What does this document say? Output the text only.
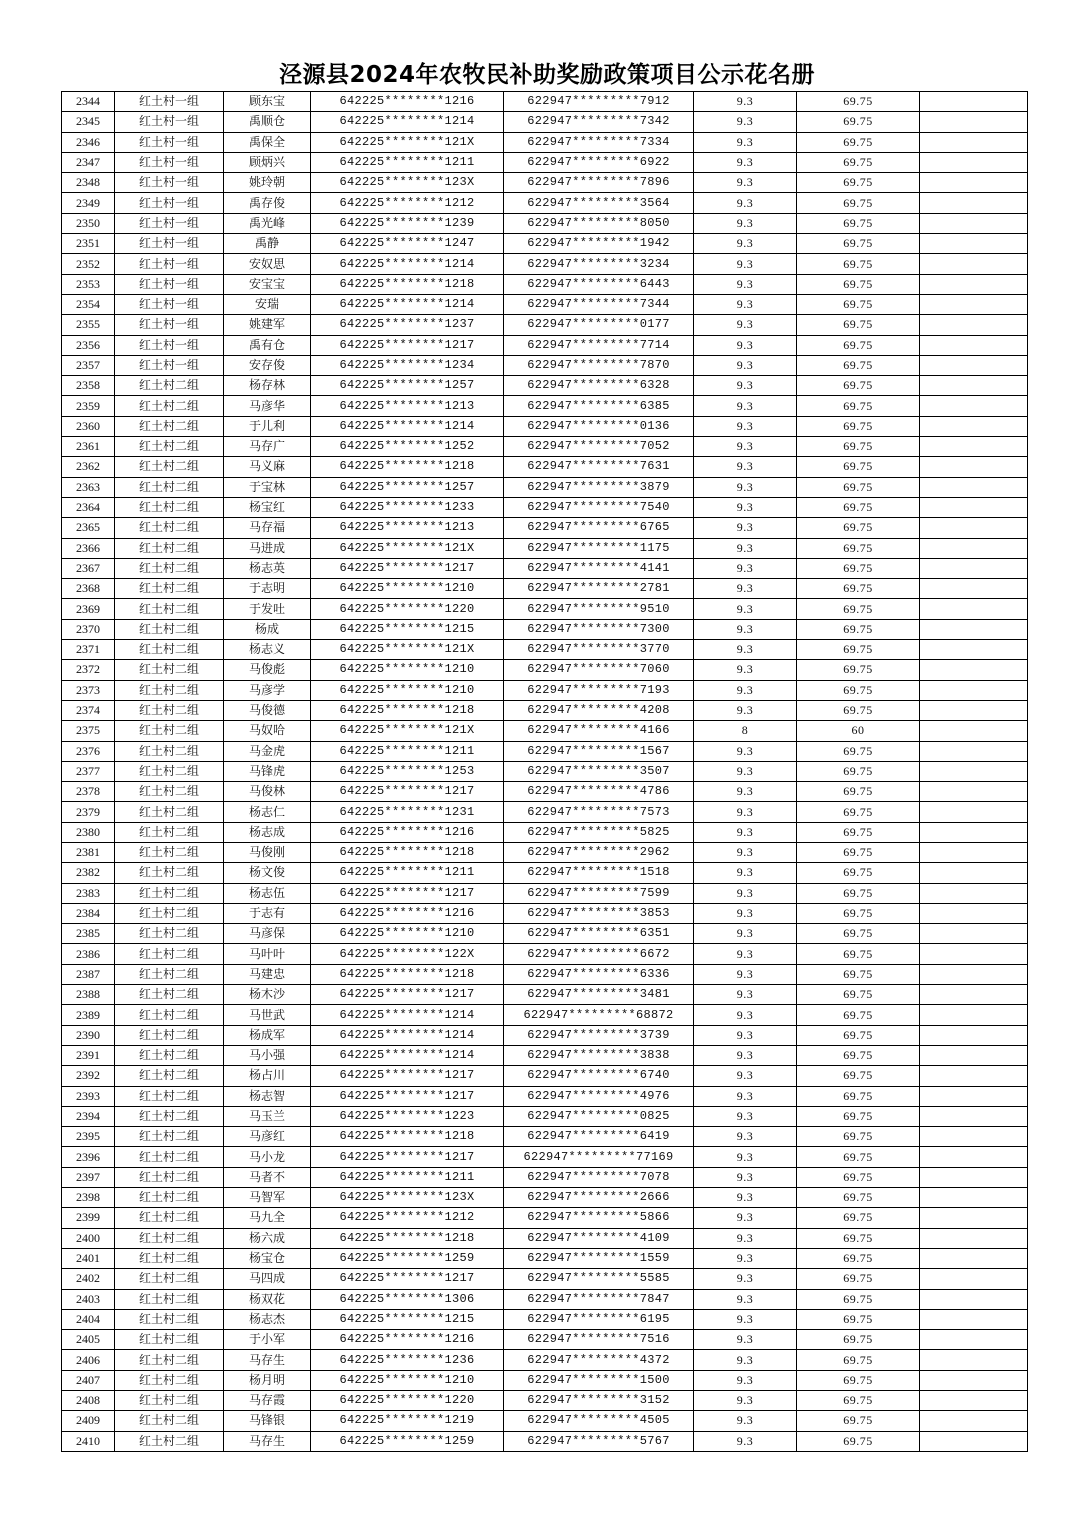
泾源县2024年农牧民补助奖励政策项目公示花名册
2344	红土村一组	顾东宝	642225********1216	622947*********7912	9.3	69.75	
2345	红土村一组	禹顺仓	642225********1214	622947*********7342	9.3	69.75	
2346	红土村一组	禹保全	642225********121X	622947*********7334	9.3	69.75	
2347	红土村一组	顾炳兴	642225********1211	622947*********6922	9.3	69.75	
2348	红土村一组	姚玲朝	642225********123X	622947*********7896	9.3	69.75	
2349	红土村一组	禹存俊	642225********1212	622947*********3564	9.3	69.75	
2350	红土村一组	禹光峰	642225********1239	622947*********8050	9.3	69.75	
2351	红土村一组	禹静	642225********1247	622947*********1942	9.3	69.75	
2352	红土村一组	安奴思	642225********1214	622947*********3234	9.3	69.75	
2353	红土村一组	安宝宝	642225********1218	622947*********6443	9.3	69.75	
2354	红土村一组	安瑞	642225********1214	622947*********7344	9.3	69.75	
2355	红土村一组	姚建军	642225********1237	622947*********0177	9.3	69.75	
2356	红土村一组	禹有仓	642225********1217	622947*********7714	9.3	69.75	
2357	红土村一组	安存俊	642225********1234	622947*********7870	9.3	69.75	
2358	红土村二组	杨存林	642225********1257	622947*********6328	9.3	69.75	
2359	红土村二组	马彦华	642225********1213	622947*********6385	9.3	69.75	
2360	红土村二组	于儿利	642225********1214	622947*********0136	9.3	69.75	
2361	红土村二组	马存广	642225********1252	622947*********7052	9.3	69.75	
2362	红土村二组	马义麻	642225********1218	622947*********7631	9.3	69.75	
2363	红土村二组	于宝林	642225********1257	622947*********3879	9.3	69.75	
2364	红土村二组	杨宝红	642225********1233	622947*********7540	9.3	69.75	
2365	红土村二组	马存福	642225********1213	622947*********6765	9.3	69.75	
2366	红土村二组	马进成	642225********121X	622947*********1175	9.3	69.75	
2367	红土村二组	杨志英	642225********1217	622947*********4141	9.3	69.75	
2368	红土村二组	于志明	642225********1210	622947*********2781	9.3	69.75	
2369	红土村二组	于发吐	642225********1220	622947*********9510	9.3	69.75	
2370	红土村二组	杨成	642225********1215	622947*********7300	9.3	69.75	
2371	红土村二组	杨志义	642225********121X	622947*********3770	9.3	69.75	
2372	红土村二组	马俊彪	642225********1210	622947*********7060	9.3	69.75	
2373	红土村二组	马彦学	642225********1210	622947*********7193	9.3	69.75	
2374	红土村二组	马俊德	642225********1218	622947*********4208	9.3	69.75	
2375	红土村二组	马奴哈	642225********121X	622947*********4166	8	60	
2376	红土村二组	马金虎	642225********1211	622947*********1567	9.3	69.75	
2377	红土村二组	马锋虎	642225********1253	622947*********3507	9.3	69.75	
2378	红土村二组	马俊林	642225********1217	622947*********4786	9.3	69.75	
2379	红土村二组	杨志仁	642225********1231	622947*********7573	9.3	69.75	
2380	红土村二组	杨志成	642225********1216	622947*********5825	9.3	69.75	
2381	红土村二组	马俊刚	642225********1218	622947*********2962	9.3	69.75	
2382	红土村二组	杨文俊	642225********1211	622947*********1518	9.3	69.75	
2383	红土村二组	杨志伍	642225********1217	622947*********7599	9.3	69.75	
2384	红土村二组	于志有	642225********1216	622947*********3853	9.3	69.75	
2385	红土村二组	马彦保	642225********1210	622947*********6351	9.3	69.75	
2386	红土村二组	马叶叶	642225********122X	622947*********6672	9.3	69.75	
2387	红土村二组	马建忠	642225********1218	622947*********6336	9.3	69.75	
2388	红土村二组	杨木沙	642225********1217	622947*********3481	9.3	69.75	
2389	红土村二组	马世武	642225********1214	622947*********68872	9.3	69.75	
2390	红土村二组	杨成军	642225********1214	622947*********3739	9.3	69.75	
2391	红土村二组	马小强	642225********1214	622947*********3838	9.3	69.75	
2392	红土村二组	杨占川	642225********1217	622947*********6740	9.3	69.75	
2393	红土村二组	杨志智	642225********1217	622947*********4976	9.3	69.75	
2394	红土村二组	马玉兰	642225********1223	622947*********0825	9.3	69.75	
2395	红土村二组	马彦红	642225********1218	622947*********6419	9.3	69.75	
2396	红土村二组	马小龙	642225********1217	622947*********77169	9.3	69.75	
2397	红土村二组	马者不	642225********1211	622947*********7078	9.3	69.75	
2398	红土村二组	马智军	642225********123X	622947*********2666	9.3	69.75	
2399	红土村二组	马九全	642225********1212	622947*********5866	9.3	69.75	
2400	红土村二组	杨六成	642225********1218	622947*********4109	9.3	69.75	
2401	红土村二组	杨宝仓	642225********1259	622947*********1559	9.3	69.75	
2402	红土村二组	马四成	642225********1217	622947*********5585	9.3	69.75	
2403	红土村二组	杨双花	642225********1306	622947*********7847	9.3	69.75	
2404	红土村二组	杨志杰	642225********1215	622947*********6195	9.3	69.75	
2405	红土村二组	于小军	642225********1216	622947*********7516	9.3	69.75	
2406	红土村二组	马存生	642225********1236	622947*********4372	9.3	69.75	
2407	红土村二组	杨月明	642225********1210	622947*********1500	9.3	69.75	
2408	红土村二组	马存霞	642225********1220	622947*********3152	9.3	69.75	
2409	红土村二组	马锋银	642225********1219	622947*********4505	9.3	69.75	
2410	红土村二组	马存生	642225********1259	622947*********5767	9.3	69.75	
